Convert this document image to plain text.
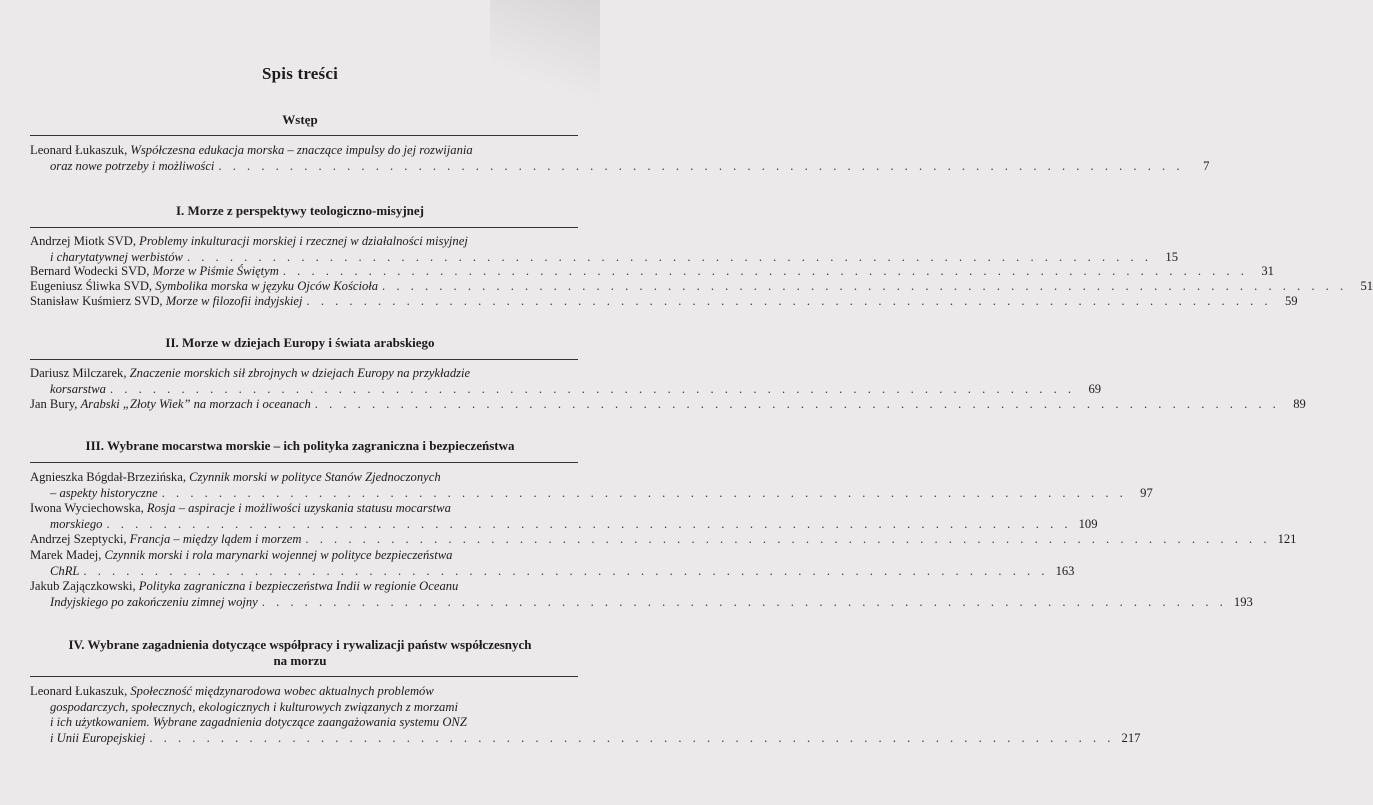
Spis treści
Wstęp
Leonard Łukaszuk, Współczesna edukacja morska – znaczące impulsy do jej rozwijania
oraz nowe potrzeby i możliwości . . .	7
I. Morze z perspektywy teologiczno-misyjnej
Andrzej Miotk SVD, Problemy inkulturacji morskiej i rzecznej w działalności misyjnej
i charytatywnej werbistów . . .	15
Bernard Wodecki SVD, Morze w Piśmie Świętym . . .	31
Eugeniusz Śliwka SVD, Symbolika morska w języku Ojców Kościoła . . .	51
Stanisław Kuśmierz SVD, Morze w filozofii indyjskiej . . .	59
II. Morze w dziejach Europy i świata arabskiego
Dariusz Milczarek, Znaczenie morskich sił zbrojnych w dziejach Europy na przykładzie
korsarstwa . . .	69
Jan Bury, Arabski „Złoty Wiek” na morzach i oceanach . . .	89
III. Wybrane mocarstwa morskie – ich polityka zagraniczna i bezpieczeństwa
Agnieszka Bógdał-Brzezińska, Czynnik morski w polityce Stanów Zjednoczonych
– aspekty historyczne . . .	97
Iwona Wyciechowska, Rosja – aspiracje i możliwości uzyskania statusu mocarstwa
morskiego . . .	109
Andrzej Szeptycki, Francja – między lądem i morzem . . .	121
Marek Madej, Czynnik morski i rola marynarki wojennej w polityce bezpieczeństwa
ChRL . . .	163
Jakub Zajączkowski, Polityka zagraniczna i bezpieczeństwa Indii w regionie Oceanu
Indyjskiego po zakończeniu zimnej wojny . . .	193
IV. Wybrane zagadnienia dotyczące współpracy i rywalizacji państw współczesnych
na morzu
Leonard Łukaszuk, Społeczność międzynarodowa wobec aktualnych problemów
gospodarczych, społecznych, ekologicznych i kulturowych związanych z morzami
i ich użytkowaniem. Wybrane zagadnienia dotyczące zaangażowania systemu ONZ
i Unii Europejskiej . . .	217
